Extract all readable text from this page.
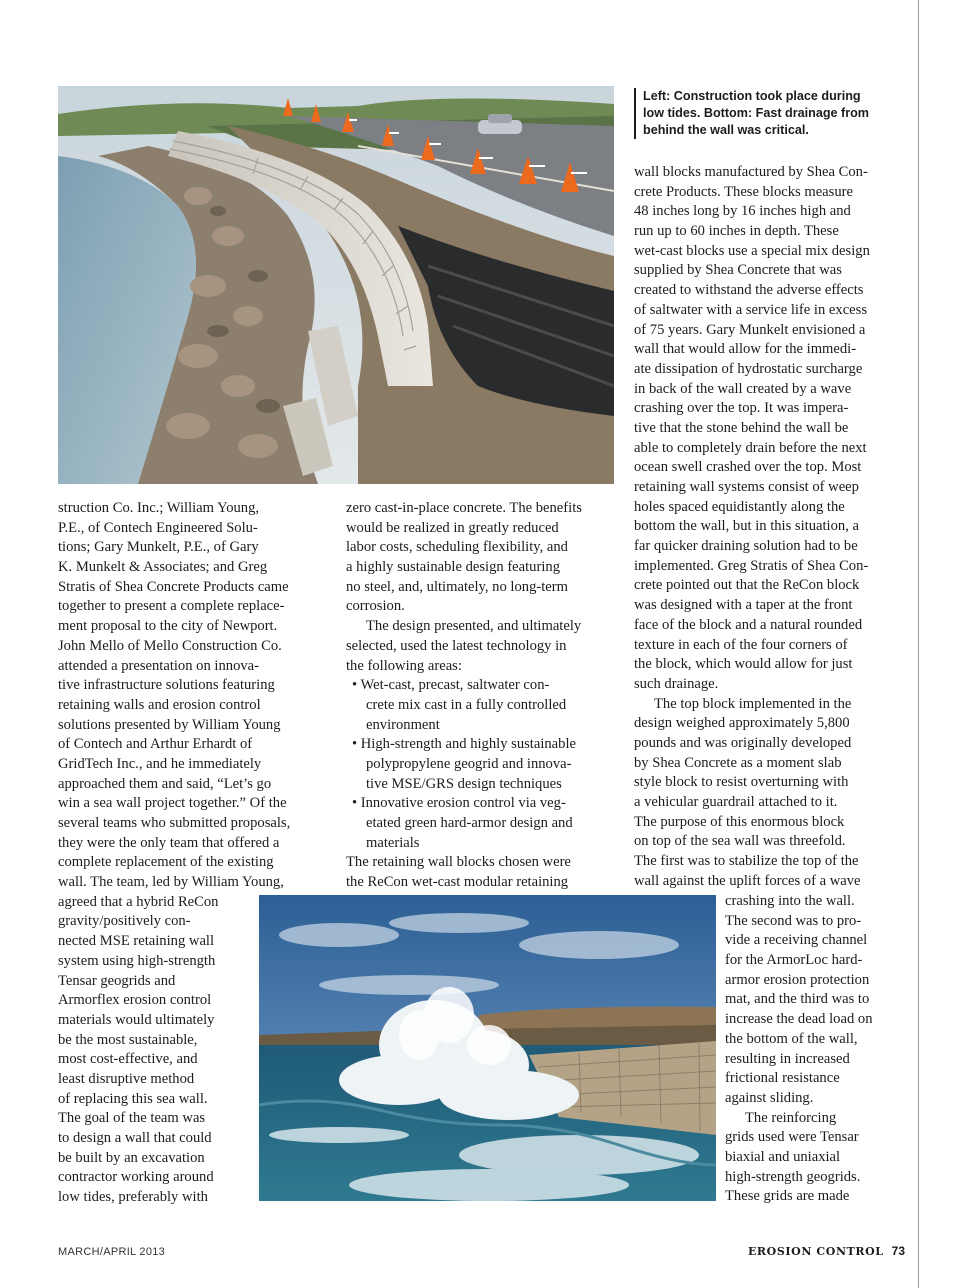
Left: Construction took place during
low tides. Bottom: Fast drainage from
behind the wall was critical.
struction Co. Inc.; William Young,
P.E., of Contech Engineered Solu-
tions; Gary Munkelt, P.E., of Gary
K. Munkelt & Associates; and Greg
Stratis of Shea Concrete Products came
together to present a complete replace-
ment proposal to the city of Newport.
John Mello of Mello Construction Co.
attended a presentation on innova-
tive infrastructure solutions featuring
retaining walls and erosion control
solutions presented by William Young
of Contech and Arthur Erhardt of
GridTech Inc., and he immediately
approached them and said, “Let’s go
win a sea wall project together.” Of the
several teams who submitted proposals,
they were the only team that offered a
complete replacement of the existing
wall. The team, led by William Young,
agreed that a hybrid ReCon
gravity/positively con-
nected MSE retaining wall
system using high-strength
Tensar geogrids and
Armorflex erosion control
materials would ultimately
be the most sustainable,
most cost-effective, and
least disruptive method
of replacing this sea wall.
The goal of the team was
to design a wall that could
be built by an excavation
contractor working around
low tides, preferably with
zero cast-in-place concrete. The benefits
would be realized in greatly reduced
labor costs, scheduling flexibility, and
a highly sustainable design featuring
no steel, and, ultimately, no long-term
corrosion.
The design presented, and ultimately
selected, used the latest technology in
the following areas:
• Wet-cast, precast, saltwater con-
crete mix cast in a fully controlled
environment
• High-strength and highly sustainable
polypropylene geogrid and innova-
tive MSE/GRS design techniques
• Innovative erosion control via veg-
etated green hard-armor design and
materials
The retaining wall blocks chosen were
the ReCon wet-cast modular retaining
wall blocks manufactured by Shea Con-
crete Products. These blocks measure
48 inches long by 16 inches high and
run up to 60 inches in depth. These
wet-cast blocks use a special mix design
supplied by Shea Concrete that was
created to withstand the adverse effects
of saltwater with a service life in excess
of 75 years. Gary Munkelt envisioned a
wall that would allow for the immedi-
ate dissipation of hydrostatic surcharge
in back of the wall created by a wave
crashing over the top. It was impera-
tive that the stone behind the wall be
able to completely drain before the next
ocean swell crashed over the top. Most
retaining wall systems consist of weep
holes spaced equidistantly along the
bottom the wall, but in this situation, a
far quicker draining solution had to be
implemented. Greg Stratis of Shea Con-
crete pointed out that the ReCon block
was designed with a taper at the front
face of the block and a natural rounded
texture in each of the four corners of
the block, which would allow for just
such drainage.
The top block implemented in the
design weighed approximately 5,800
pounds and was originally developed
by Shea Concrete as a moment slab
style block to resist overturning with
a vehicular guardrail attached to it.
The purpose of this enormous block
on top of the sea wall was threefold.
The first was to stabilize the top of the
wall against the uplift forces of a wave
crashing into the wall.
The second was to pro-
vide a receiving channel
for the ArmorLoc hard-
armor erosion protection
mat, and the third was to
increase the dead load on
the bottom of the wall,
resulting in increased
frictional resistance
against sliding.
The reinforcing
grids used were Tensar
biaxial and uniaxial
high-strength geogrids.
These grids are made
MARCH/APRIL 2013	EROSION CONTROL 73
